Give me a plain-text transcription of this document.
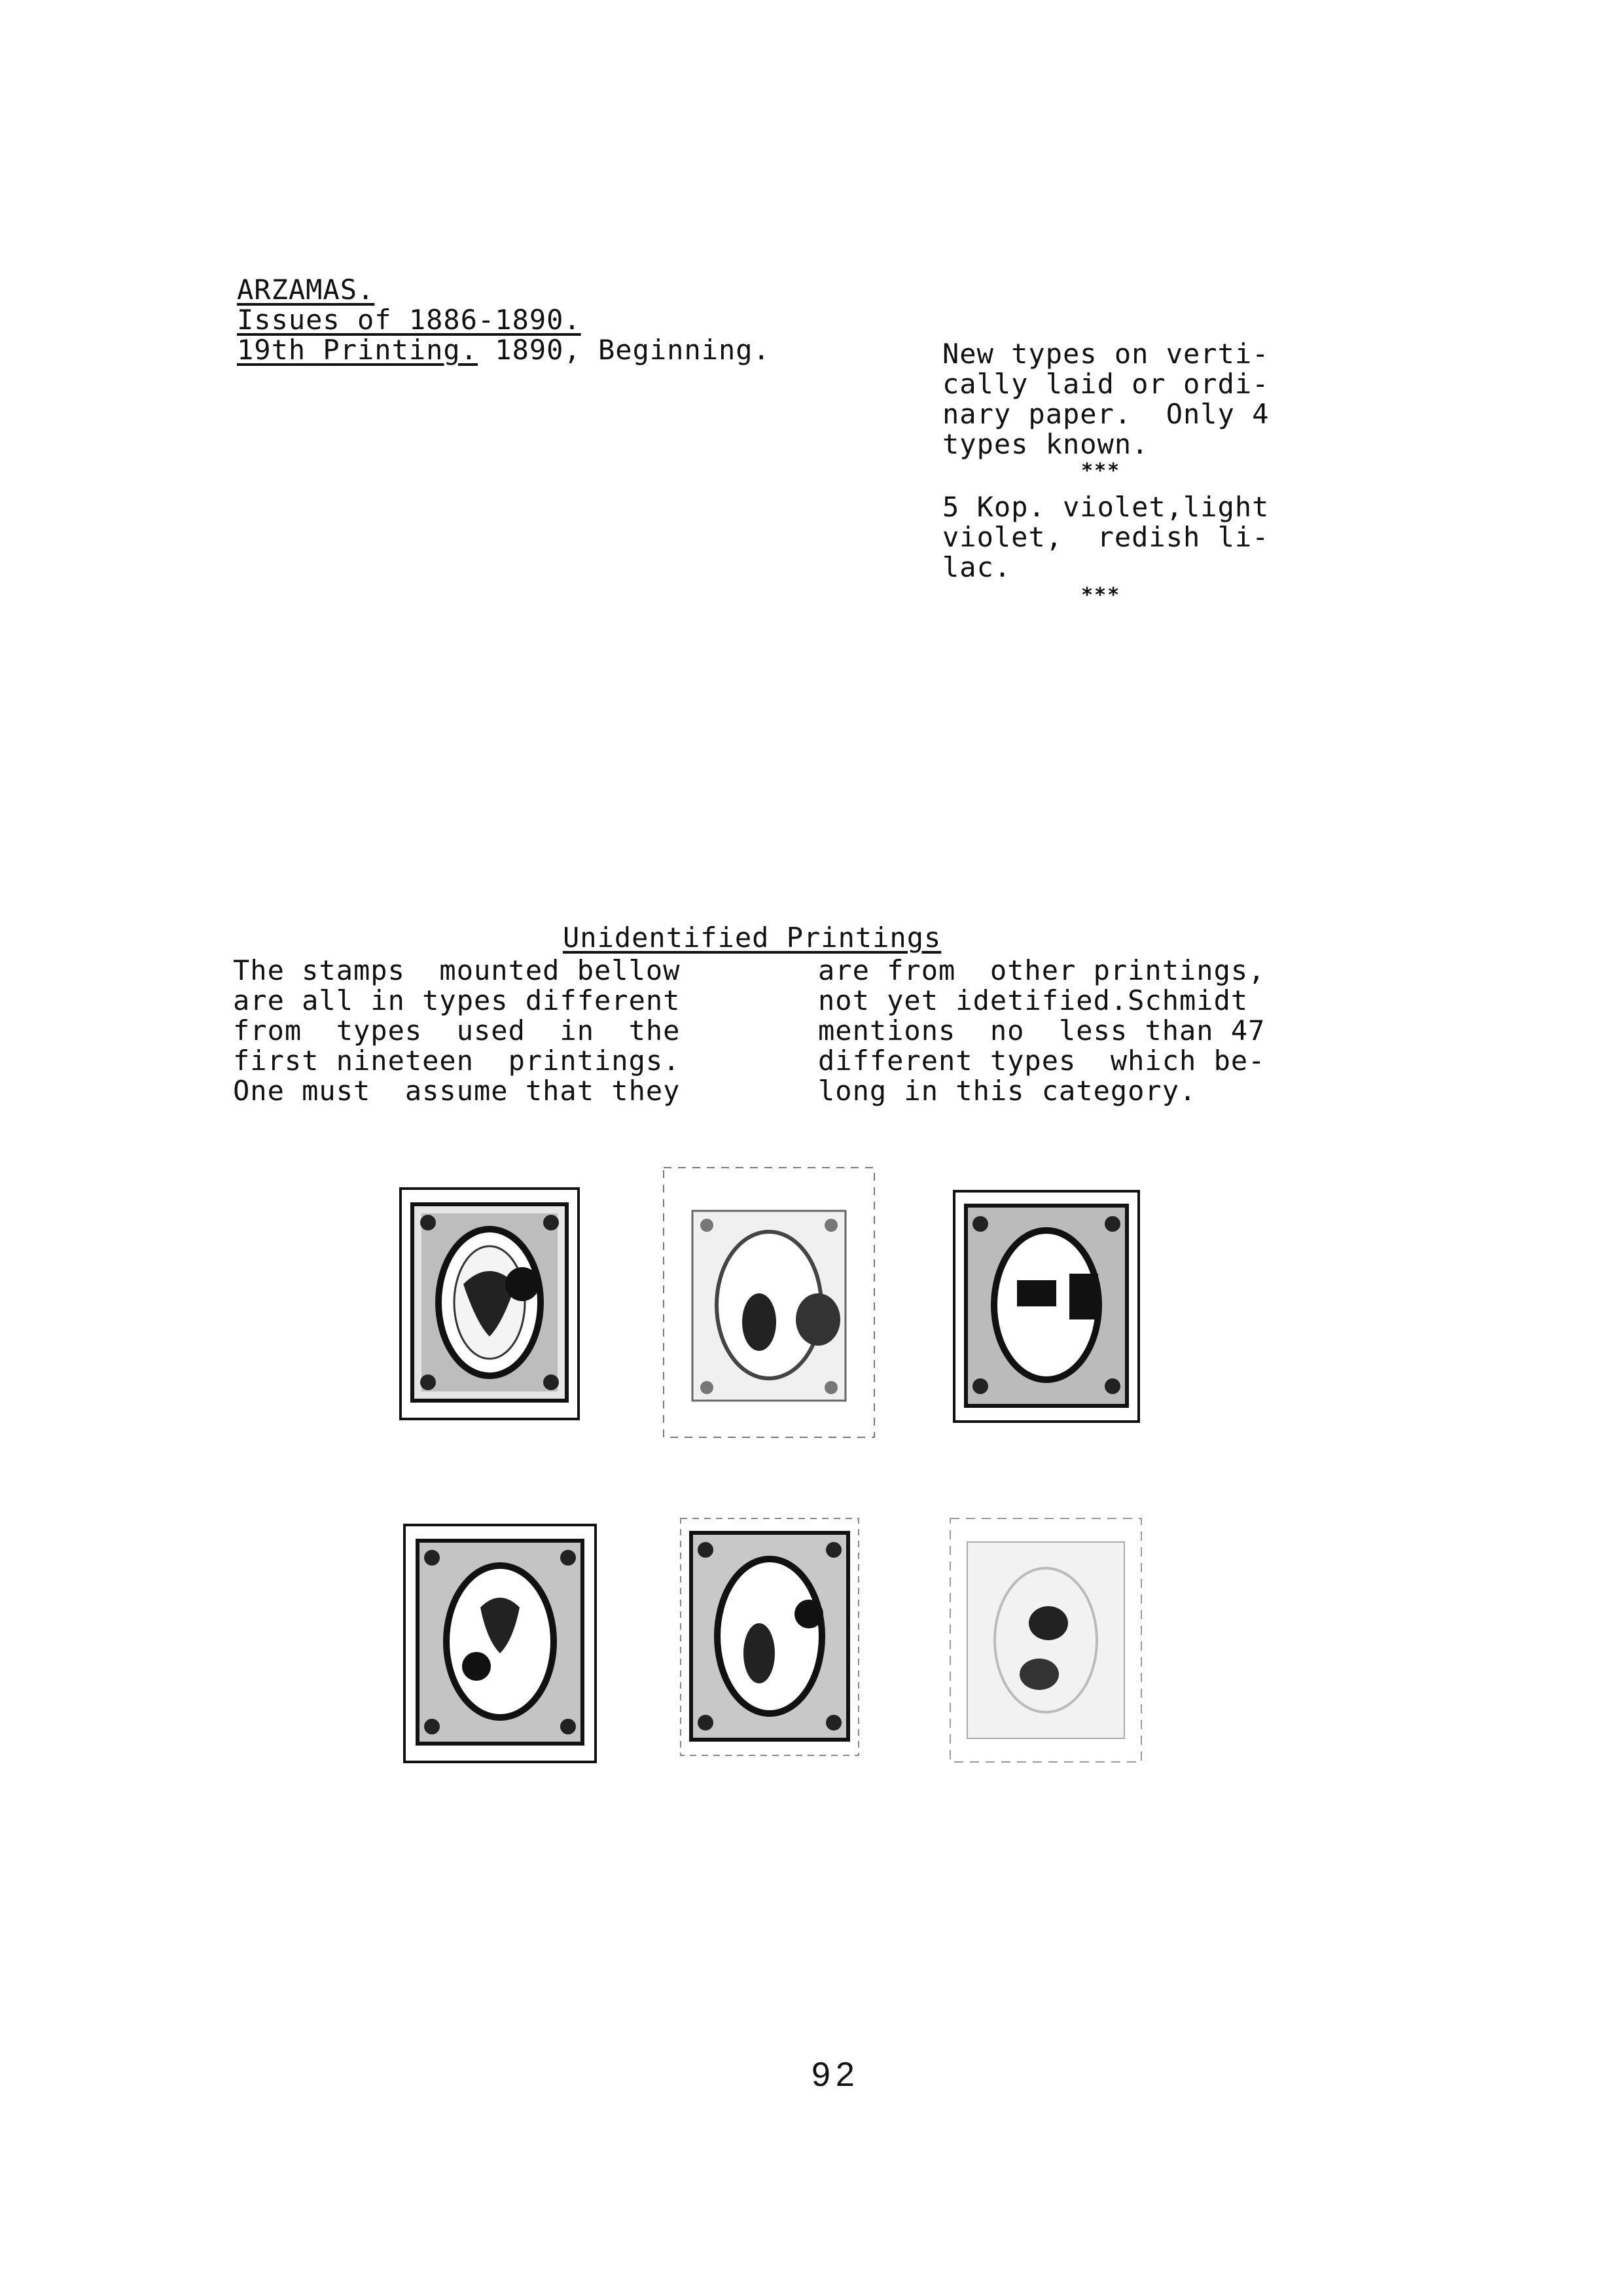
ARZAMAS.
Issues of 1886-1890.
19th Printing. 1890, Beginning.	New types on verti-
cally laid or ordi-
nary paper.  Only 4
types known.
***
5 Kop. violet,light
violet,  redish li-
lac.
***
Unidentified Printings
The stamps  mounted bellow
are all in types different
from  types  used  in  the
first nineteen  printings.
One must  assume that they
are from  other printings,
not yet idetified.Schmidt
mentions  no  less than 47
different types  which be-
long in this category.
92
